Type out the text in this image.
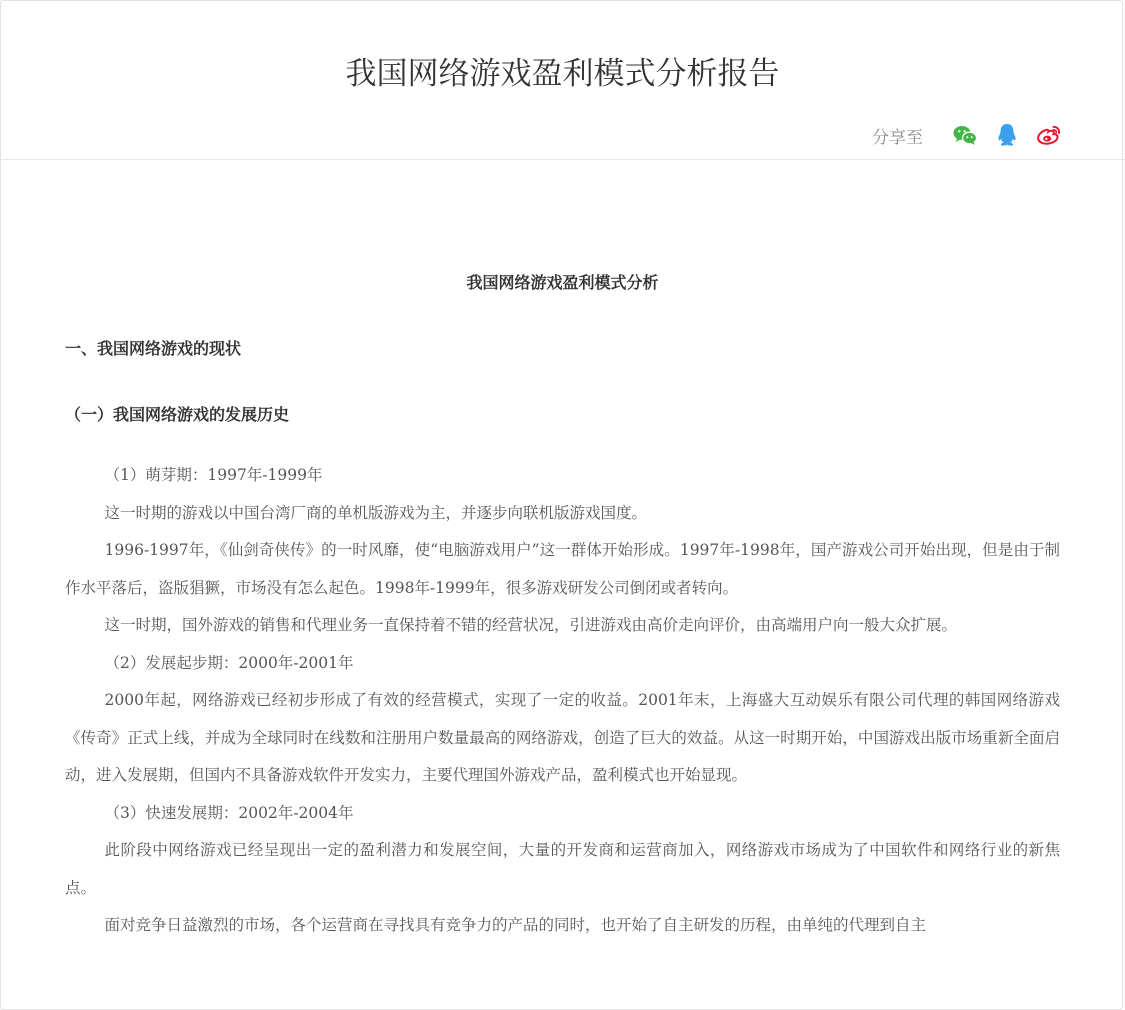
我国网络游戏盈利模式分析报告
分享至
我国网络游戏盈利模式分析
一、我国网络游戏的现状
（一）我国网络游戏的发展历史

（1）萌芽期：1997年-1999年

这一时期的游戏以中国台湾厂商的单机版游戏为主，并逐步向联机版游戏国度。

1996-1997年，《仙剑奇侠传》的一时风靡，使“电脑游戏用户”这一群体开始形成。1997年-1998年，国产游戏公司开始出现，但是由于制作水平落后，盗版猖獗，市场没有怎么起色。1998年-1999年，很多游戏研发公司倒闭或者转向。

这一时期，国外游戏的销售和代理业务一直保持着不错的经营状况，引进游戏由高价走向评价，由高端用户向一般大众扩展。

（2）发展起步期：2000年-2001年

2000年起，网络游戏已经初步形成了有效的经营模式，实现了一定的收益。2001年末，上海盛大互动娱乐有限公司代理的韩国网络游戏《传奇》正式上线，并成为全球同时在线数和注册用户数量最高的网络游戏，创造了巨大的效益。从这一时期开始，中国游戏出版市场重新全面启动，进入发展期，但国内不具备游戏软件开发实力，主要代理国外游戏产品，盈利模式也开始显现。

（3）快速发展期：2002年-2004年

此阶段中网络游戏已经呈现出一定的盈利潜力和发展空间，大量的开发商和运营商加入，网络游戏市场成为了中国软件和网络行业的新焦点。

面对竞争日益激烈的市场，各个运营商在寻找具有竞争力的产品的同时，也开始了自主研发的历程，由单纯的代理到自主
